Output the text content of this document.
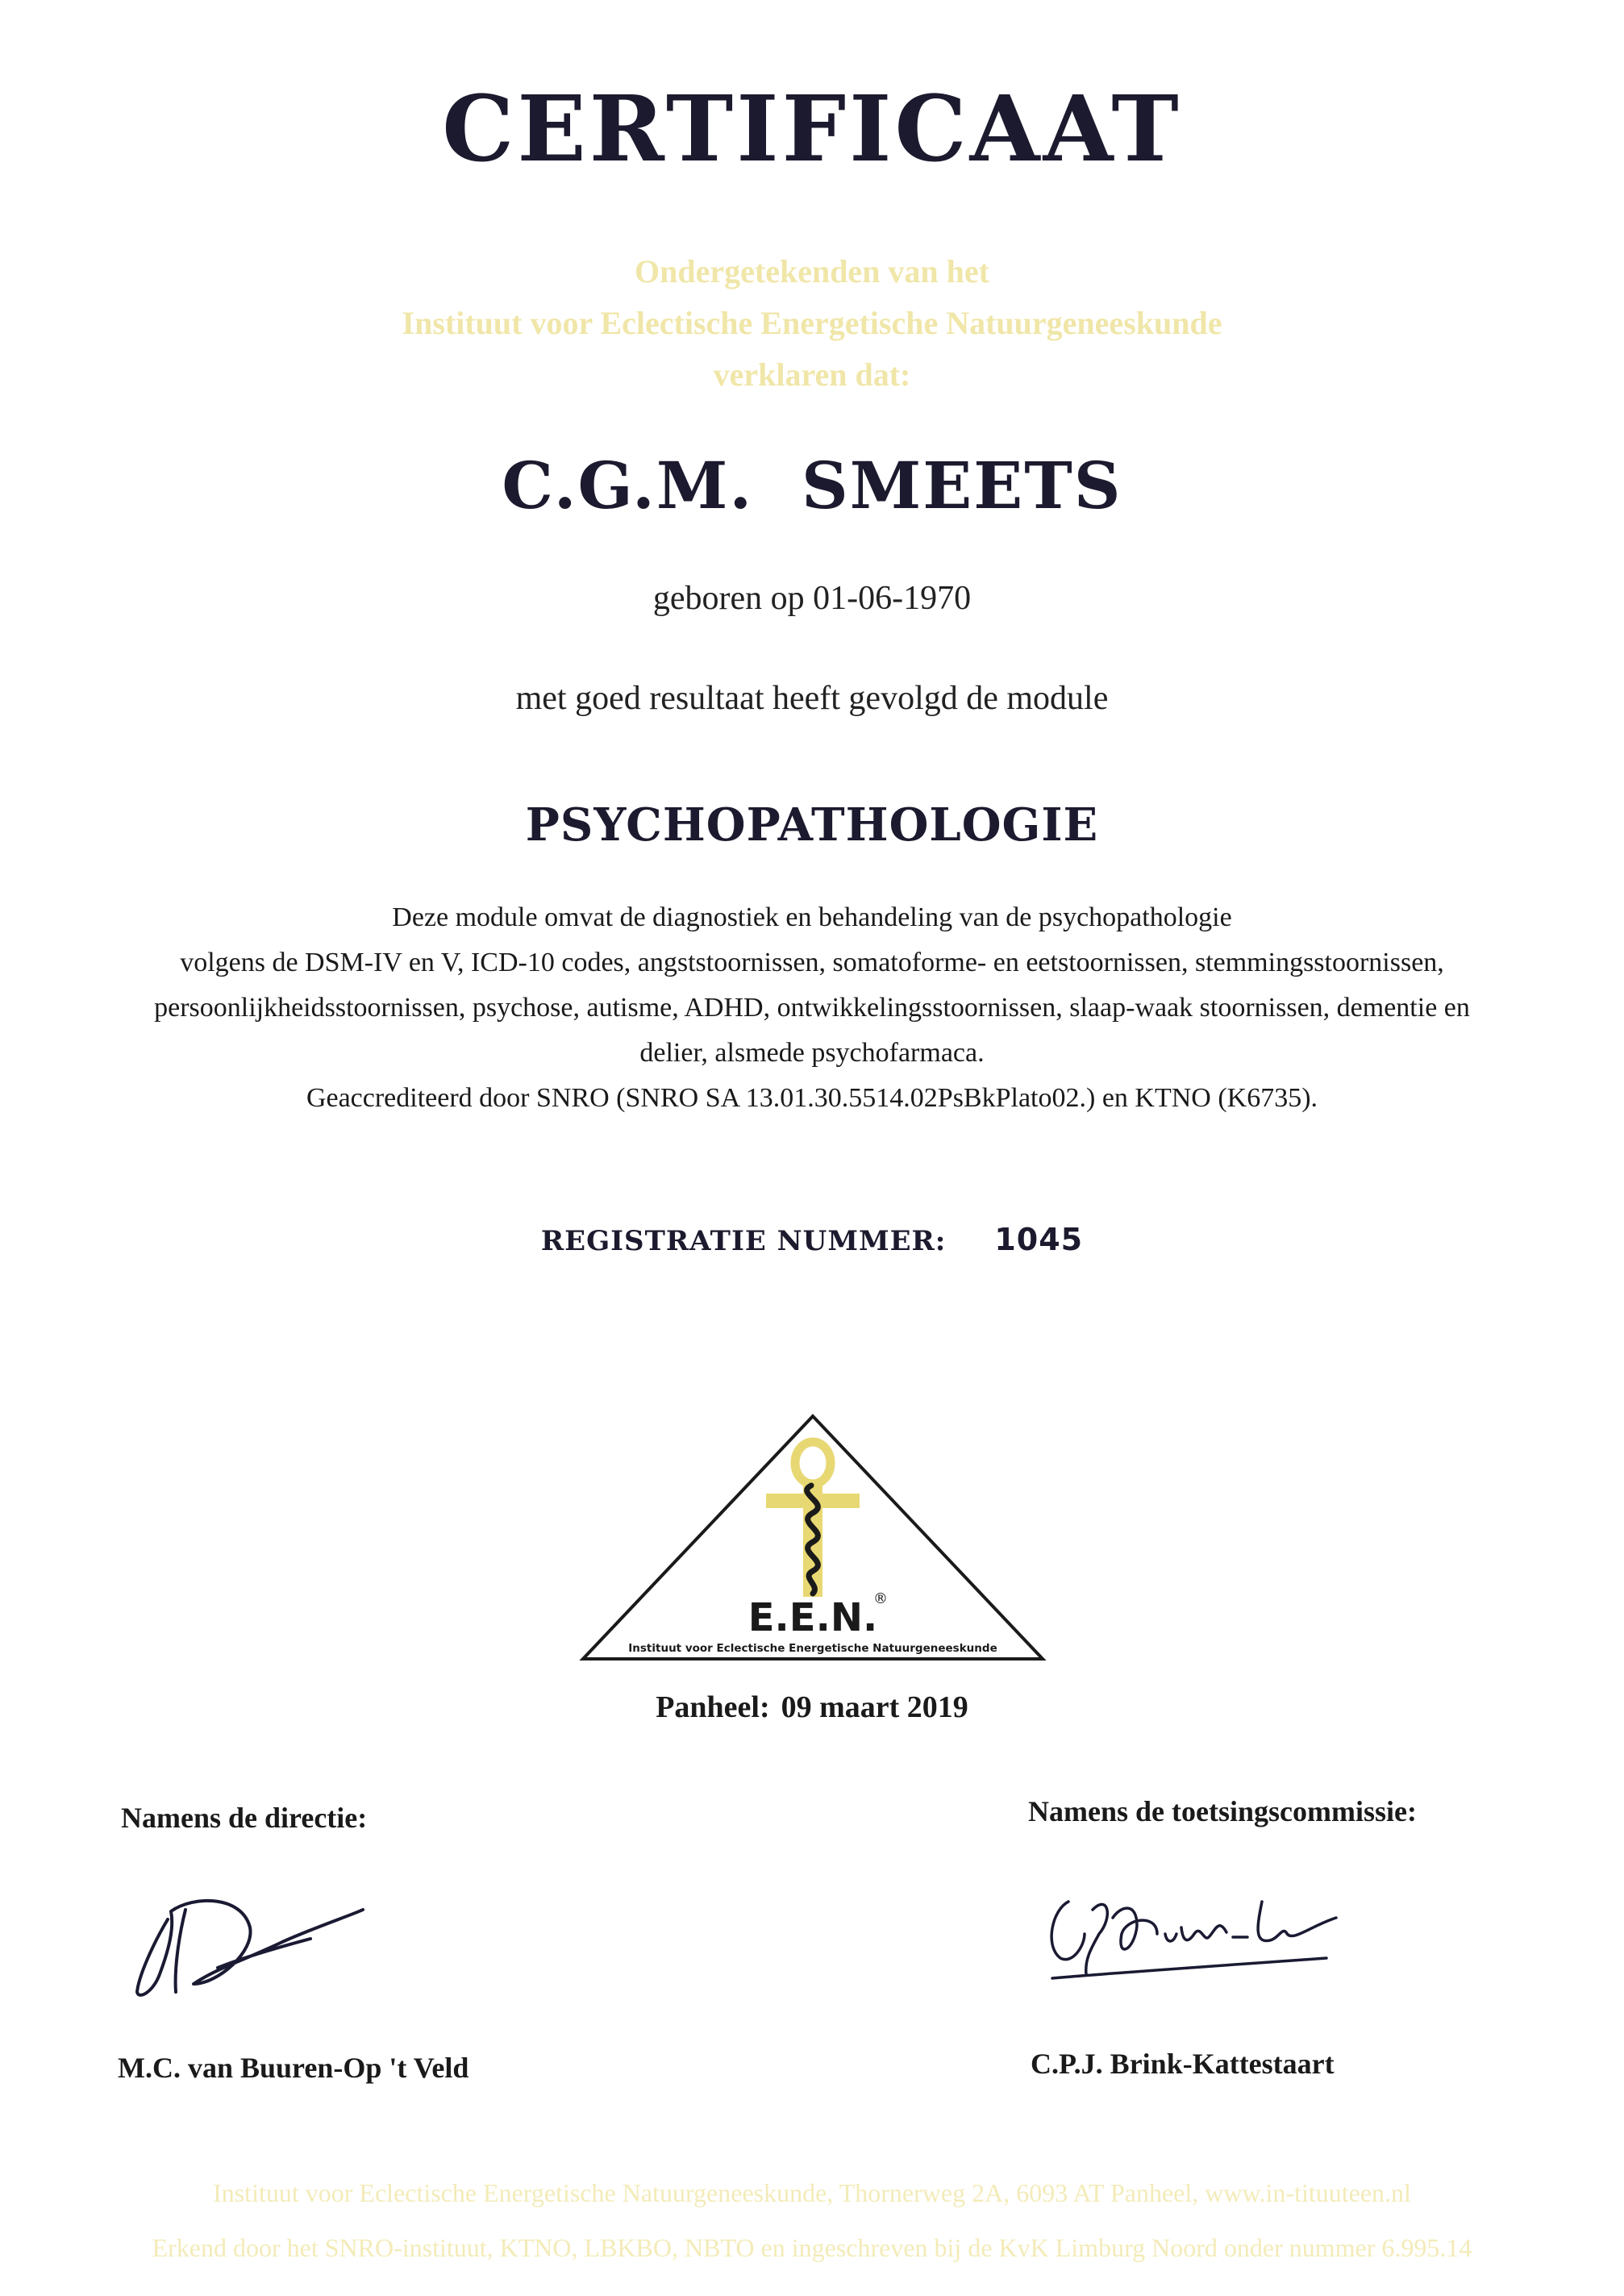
CERTIFICAAT
Ondergetekenden van het
Instituut voor Eclectische Energetische Natuurgeneeskunde
verklaren dat:
C.G.M.  SMEETS
geboren op 01-06-1970
met goed resultaat heeft gevolgd de module
PSYCHOPATHOLOGIE
Deze module omvat de diagnostiek en behandeling van de psychopathologie
volgens de DSM-IV en V, ICD-10 codes, angststoornissen, somatoforme- en eetstoornissen, stemmingsstoornissen,
persoonlijkheidsstoornissen, psychose, autisme, ADHD, ontwikkelingsstoornissen, slaap-waak stoornissen, dementie en
delier, alsmede psychofarmaca.
Geaccrediteerd door SNRO (SNRO SA 13.01.30.5514.02PsBkPlato02.) en KTNO (K6735).
REGISTRATIE NUMMER: 1045
E.E.N.
®
Instituut voor Eclectische Energetische Natuurgeneeskunde
Panheel: 09 maart 2019
Namens de directie:
M.C. van Buuren-Op 't Veld
Namens de toetsingscommissie:
C.P.J. Brink-Kattestaart
Instituut voor Eclectische Energetische Natuurgeneeskunde, Thornerweg 2A, 6093 AT Panheel, www.in-tituuteen.nl
Erkend door het SNRO-instituut, KTNO, LBKBO, NBTO en ingeschreven bij de KvK Limburg Noord onder nummer 6.995.14
